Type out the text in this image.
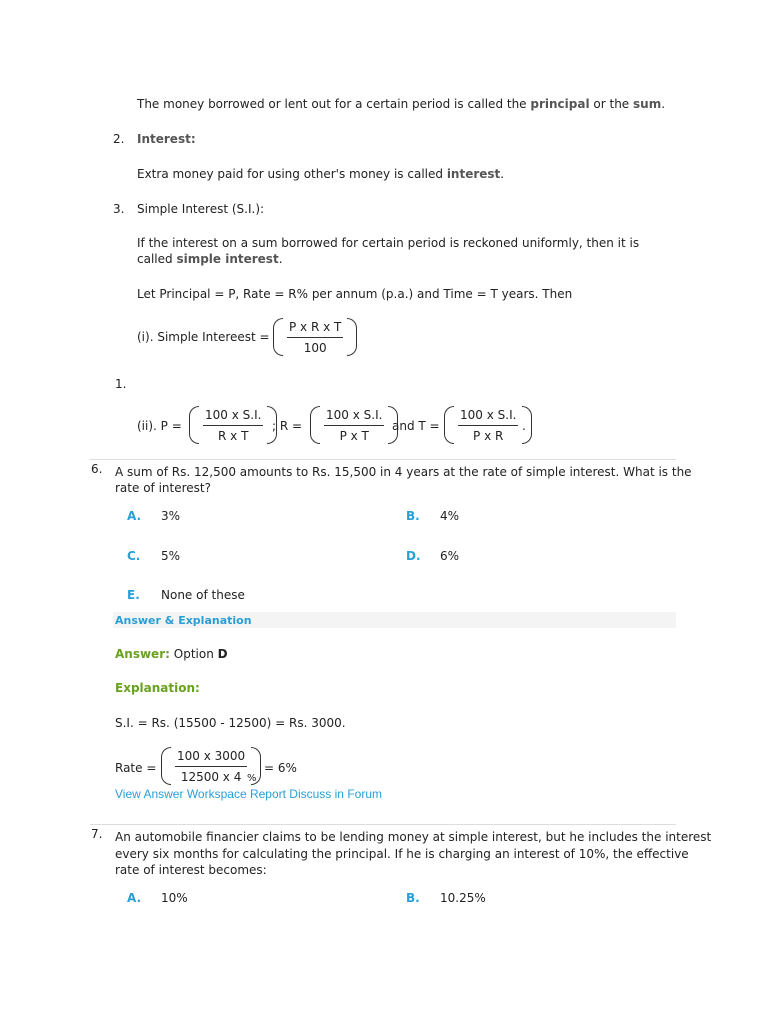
The money borrowed or lent out for a certain period is called the principal or the sum.
2. Interest:
Extra money paid for using other's money is called interest.
3. Simple Interest (S.I.):
If the interest on a sum borrowed for certain period is reckoned uniformly, then it is
called simple interest.
Let Principal = P, Rate = R% per annum (p.a.) and Time = T years. Then
(i). Simple Intereest = $\frac{\text{P x R x T}}{100}$
1.
(ii). $P = \frac{\text{100 x S.I.}}{\text{R x T}}$ ; $R = \frac{\text{100 x S.I.}}{\text{P x T}}$ and $T = \frac{\text{100 x S.I.}}{\text{P x R}}$ .
6. A sum of Rs. 12,500 amounts to Rs. 15,500 in 4 years at the rate of simple interest. What is the
rate of interest?
A. 3%	B. 4%
C. 5%	D. 6%
E. None of these
Answer & Explanation
Answer: Option D
Explanation:
S.I. = Rs. (15500 - 12500) = Rs. 3000.
Rate = $\frac{100 x 3000}{12500 x 4}$
%
= 6%
View Answer Workspace Report Discuss in Forum
7. An automobile financier claims to be lending money at simple interest, but he includes the interest
every six months for calculating the principal. If he is charging an interest of 10%, the effective
rate of interest becomes:
A. 10%	B. 10.25%
